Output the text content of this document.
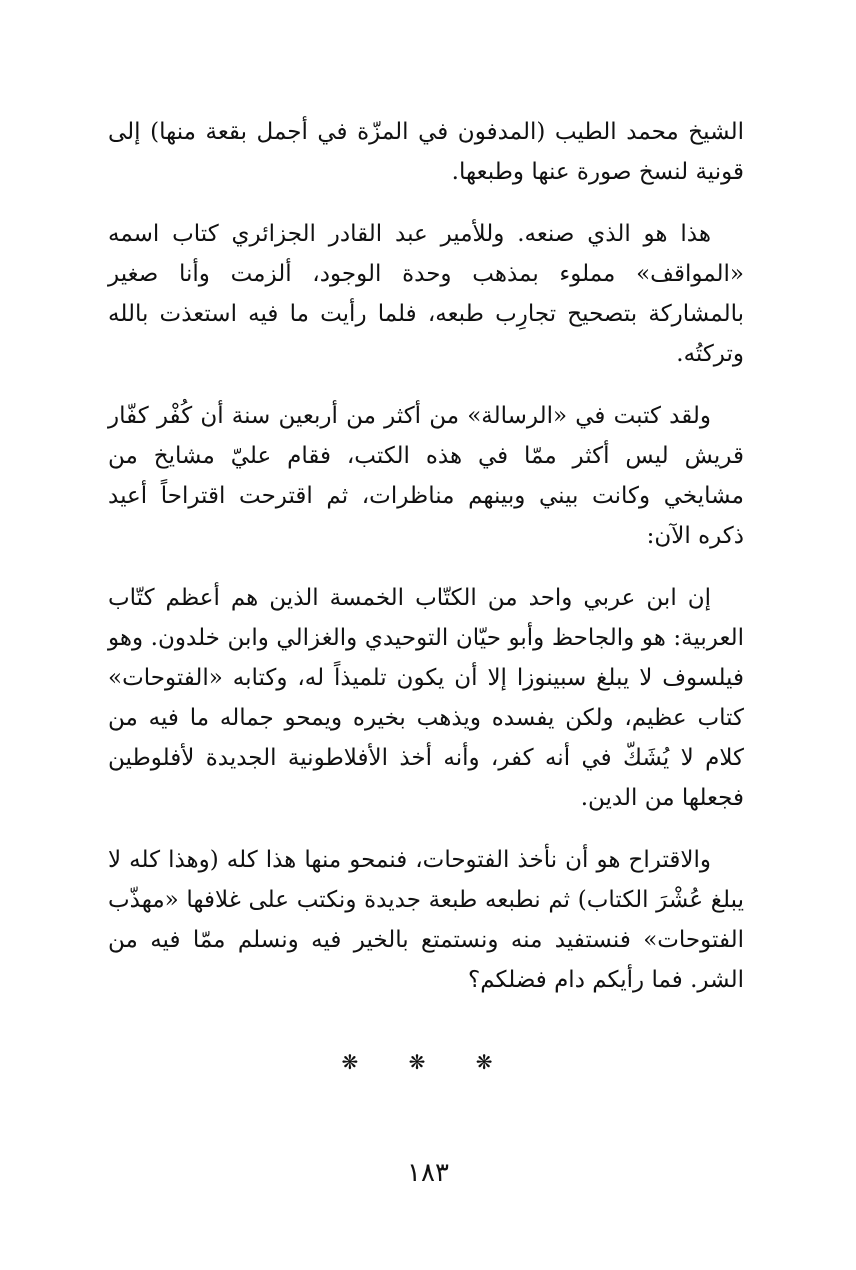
الشيخ محمد الطيب (المدفون في المزّة في أجمل بقعة منها) إلى قونية لنسخ صورة عنها وطبعها.

هذا هو الذي صنعه. وللأمير عبد القادر الجزائري كتاب اسمه «المواقف» مملوء بمذهب وحدة الوجود، ألزمت وأنا صغير بالمشاركة بتصحيح تجارِب طبعه، فلما رأيت ما فيه استعذت بالله وتركتُه.

ولقد كتبت في «الرسالة» من أكثر من أربعين سنة أن كُفْر كفّار قريش ليس أكثر ممّا في هذه الكتب، فقام عليّ مشايخ من مشايخي وكانت بيني وبينهم مناظرات، ثم اقترحت اقتراحاً أعيد ذكره الآن:

إن ابن عربي واحد من الكتّاب الخمسة الذين هم أعظم كتّاب العربية: هو والجاحظ وأبو حيّان التوحيدي والغزالي وابن خلدون. وهو فيلسوف لا يبلغ سبينوزا إلا أن يكون تلميذاً له، وكتابه «الفتوحات» كتاب عظيم، ولكن يفسده ويذهب بخيره ويمحو جماله ما فيه من كلام لا يُشَكّ في أنه كفر، وأنه أخذ الأفلاطونية الجديدة لأفلوطين فجعلها من الدين.

والاقتراح هو أن نأخذ الفتوحات، فنمحو منها هذا كله (وهذا كله لا يبلغ عُشْرَ الكتاب) ثم نطبعه طبعة جديدة ونكتب على غلافها «مهذّب الفتوحات» فنستفيد منه ونستمتع بالخير فيه ونسلم ممّا فيه من الشر. فما رأيكم دام فضلكم؟

❋ ❋ ❋
١٨٣
